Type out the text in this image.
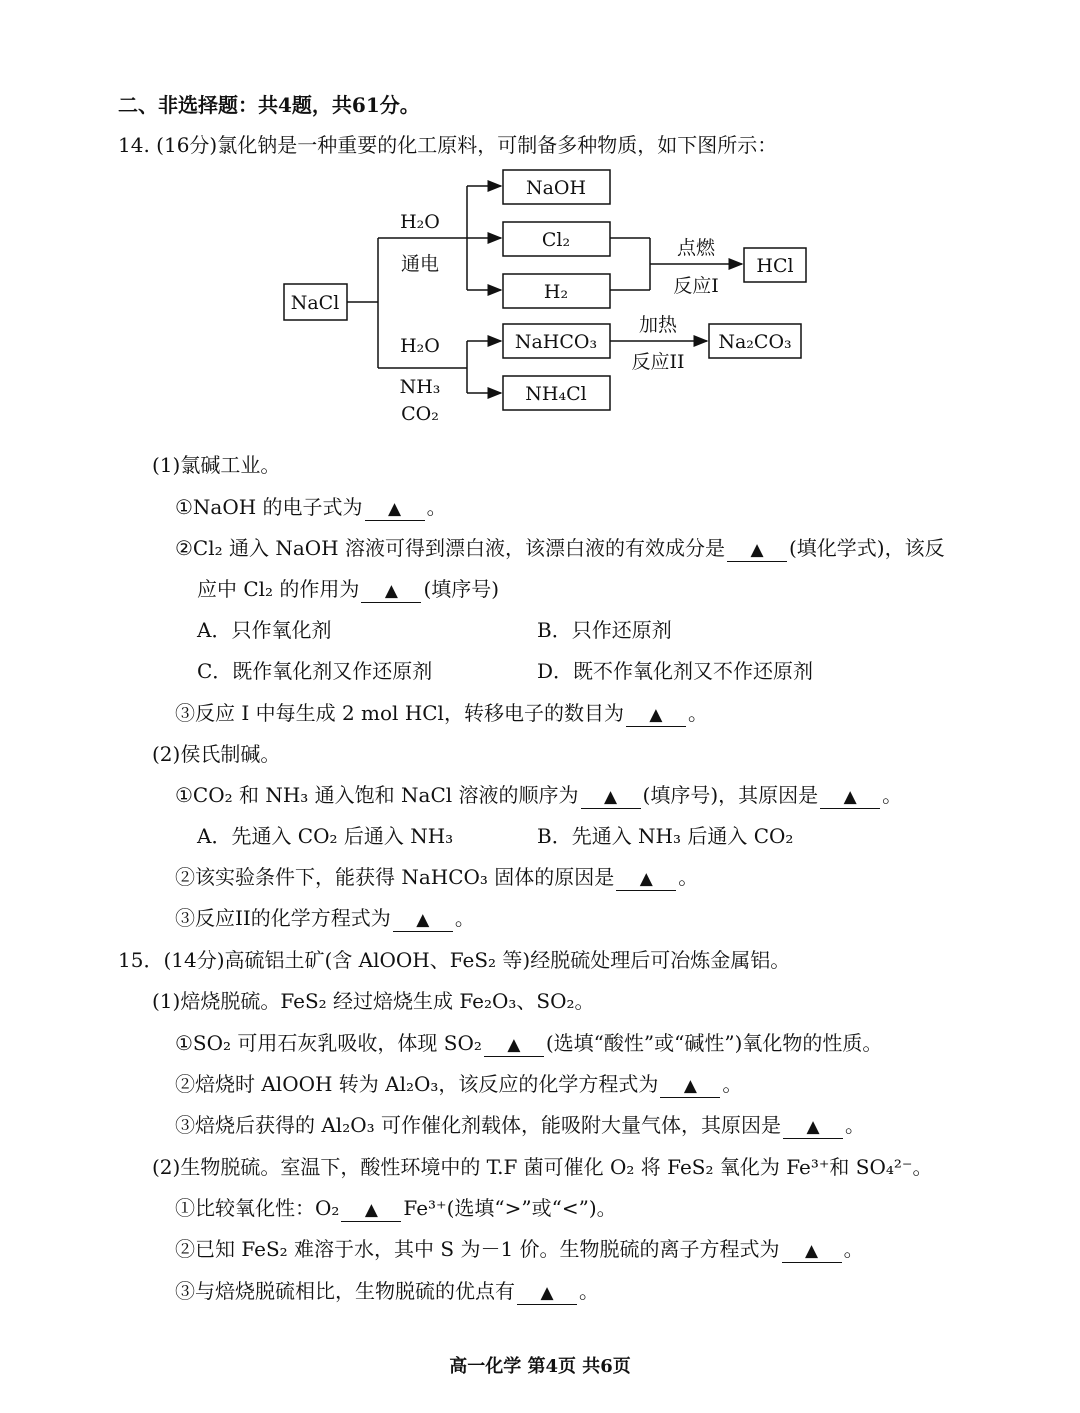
二、非选择题：共4题，共61分。
14. (16分)氯化钠是一种重要的化工原料，可制备多种物质，如下图所示：
NaCl
H₂O
通电
NaOH
Cl₂
H₂
点燃
反应I
HCl
H₂O
NH₃
CO₂
NaHCO₃
NH₄Cl
加热
反应II
Na₂CO₃
(1)氯碱工业。
①NaOH 的电子式为 ▲ 。
②Cl₂ 通入 NaOH 溶液可得到漂白液，该漂白液的有效成分是 ▲ (填化学式)，该反
应中 Cl₂ 的作用为 ▲ (填序号)
A．只作氧化剂	B．只作还原剂
C．既作氧化剂又作还原剂	D．既不作氧化剂又不作还原剂
③反应 I 中每生成 2 mol HCl，转移电子的数目为 ▲ 。
(2)侯氏制碱。
①CO₂ 和 NH₃ 通入饱和 NaCl 溶液的顺序为 ▲ (填序号)，其原因是 ▲ 。
A．先通入 CO₂ 后通入 NH₃	B．先通入 NH₃ 后通入 CO₂
②该实验条件下，能获得 NaHCO₃ 固体的原因是 ▲ 。
③反应II的化学方程式为 ▲ 。
15．(14分)高硫铝土矿(含 AlOOH、FeS₂ 等)经脱硫处理后可冶炼金属铝。
(1)焙烧脱硫。FeS₂ 经过焙烧生成 Fe₂O₃、SO₂。
①SO₂ 可用石灰乳吸收，体现 SO₂ ▲ (选填“酸性”或“碱性”)氧化物的性质。
②焙烧时 AlOOH 转为 Al₂O₃，该反应的化学方程式为 ▲ 。
③焙烧后获得的 Al₂O₃ 可作催化剂载体，能吸附大量气体，其原因是 ▲ 。
(2)生物脱硫。室温下，酸性环境中的 T.F 菌可催化 O₂ 将 FeS₂ 氧化为 Fe³⁺和 SO₄²⁻。
①比较氧化性：O₂ ▲ Fe³⁺(选填“>”或“<”)。
②已知 FeS₂ 难溶于水，其中 S 为－1 价。生物脱硫的离子方程式为 ▲ 。
③与焙烧脱硫相比，生物脱硫的优点有 ▲ 。
高一化学 第4页 共6页
